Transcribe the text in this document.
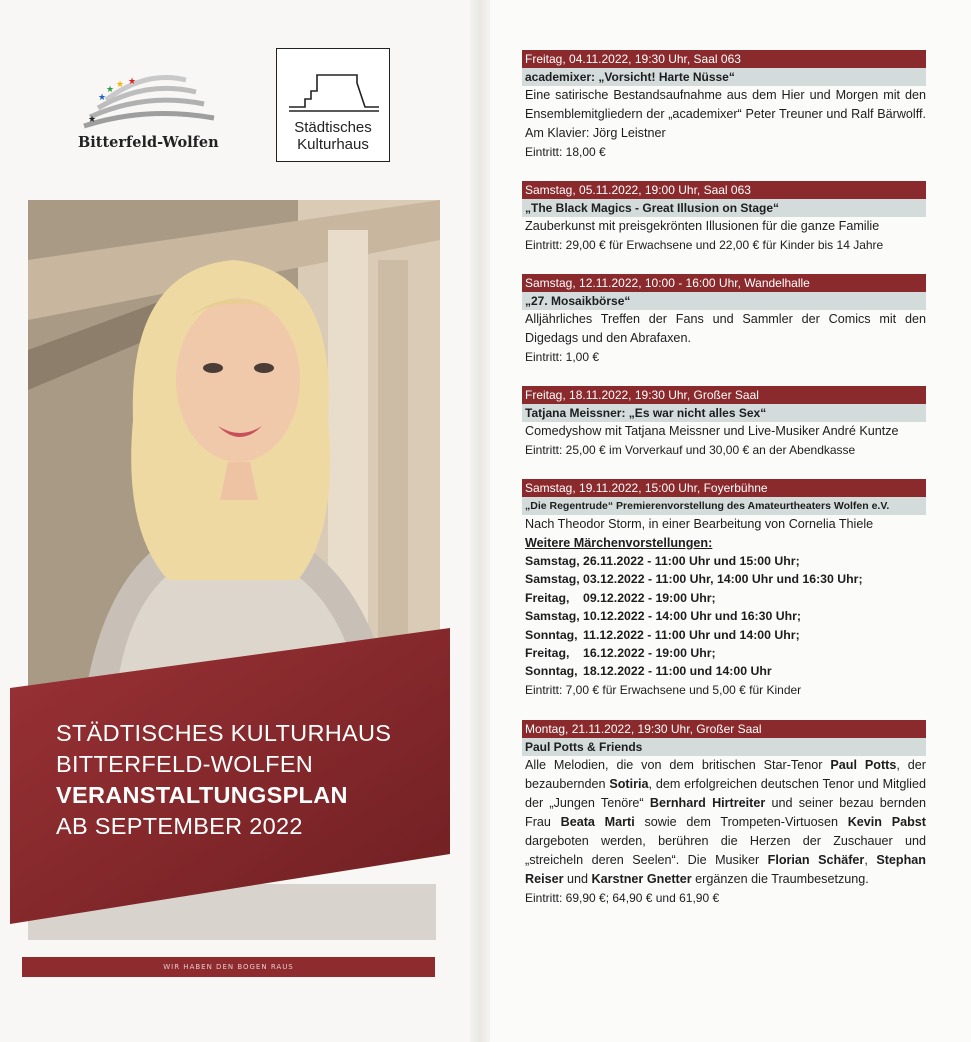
★
★
★
★
★
Bitterfeld-Wolfen
Städtisches
Kulturhaus
STÄDTISCHES KULTURHAUS
BITTERFELD-WOLFEN
VERANSTALTUNGSPLAN
AB SEPTEMBER 2022
WIR HABEN DEN BOGEN RAUS
Freitag, 04.11.2022, 19:30 Uhr, Saal 063
academixer: „Vorsicht! Harte Nüsse“
Eine satirische Bestandsaufnahme aus dem Hier und Morgen mit den Ensemblemitgliedern der „academixer“ Peter Treuner und Ralf Bärwolff. Am Klavier: Jörg Leistner
Eintritt: 18,00 €
Samstag, 05.11.2022, 19:00 Uhr, Saal 063
„The Black Magics - Great Illusion on Stage“
Zauberkunst mit preisgekrönten Illusionen für die ganze Familie
Eintritt: 29,00 € für Erwachsene und 22,00 € für Kinder bis 14 Jahre
Samstag, 12.11.2022, 10:00 - 16:00 Uhr, Wandelhalle
„27. Mosaikbörse“
Alljährliches Treffen der Fans und Sammler der Comics mit den Digedags und den Abrafaxen.
Eintritt: 1,00 €
Freitag, 18.11.2022, 19:30 Uhr, Großer Saal
Tatjana Meissner: „Es war nicht alles Sex“
Comedyshow mit Tatjana Meissner und Live-Musiker André Kuntze
Eintritt: 25,00 € im Vorverkauf und 30,00 € an der Abendkasse
Samstag, 19.11.2022, 15:00 Uhr, Foyerbühne
„Die Regentrude“ Premierenvorstellung des Amateurtheaters Wolfen e.V.
Nach Theodor Storm, in einer Bearbeitung von Cornelia Thiele
Weitere Märchenvorstellungen:
Samstag, 26.11.2022 - 11:00 Uhr und 15:00 Uhr;
Samstag, 03.12.2022 - 11:00 Uhr, 14:00 Uhr und 16:30 Uhr;
Freitag, 09.12.2022 - 19:00 Uhr;
Samstag, 10.12.2022 - 14:00 Uhr und 16:30 Uhr;
Sonntag, 11.12.2022 - 11:00 Uhr und 14:00 Uhr;
Freitag, 16.12.2022 - 19:00 Uhr;
Sonntag, 18.12.2022 - 11:00 und 14:00 Uhr
Eintritt: 7,00 € für Erwachsene und 5,00 € für Kinder
Montag, 21.11.2022, 19:30 Uhr, Großer Saal
Paul Potts & Friends
Alle Melodien, die von dem britischen Star-Tenor Paul Potts, der bezaubernden Sotiria, dem erfolgreichen deutschen Tenor und Mitglied der „Jungen Tenöre“ Bernhard Hirtreiter und seiner bezau bernden Frau Beata Marti sowie dem Trompeten-Virtuosen Kevin Pabst dargeboten werden, berühren die Herzen der Zuschauer und „streicheln deren Seelen“. Die Musiker Florian Schäfer, Stephan Reiser und Karstner Gnetter ergänzen die Traumbesetzung.
Eintritt: 69,90 €; 64,90 € und 61,90 €
